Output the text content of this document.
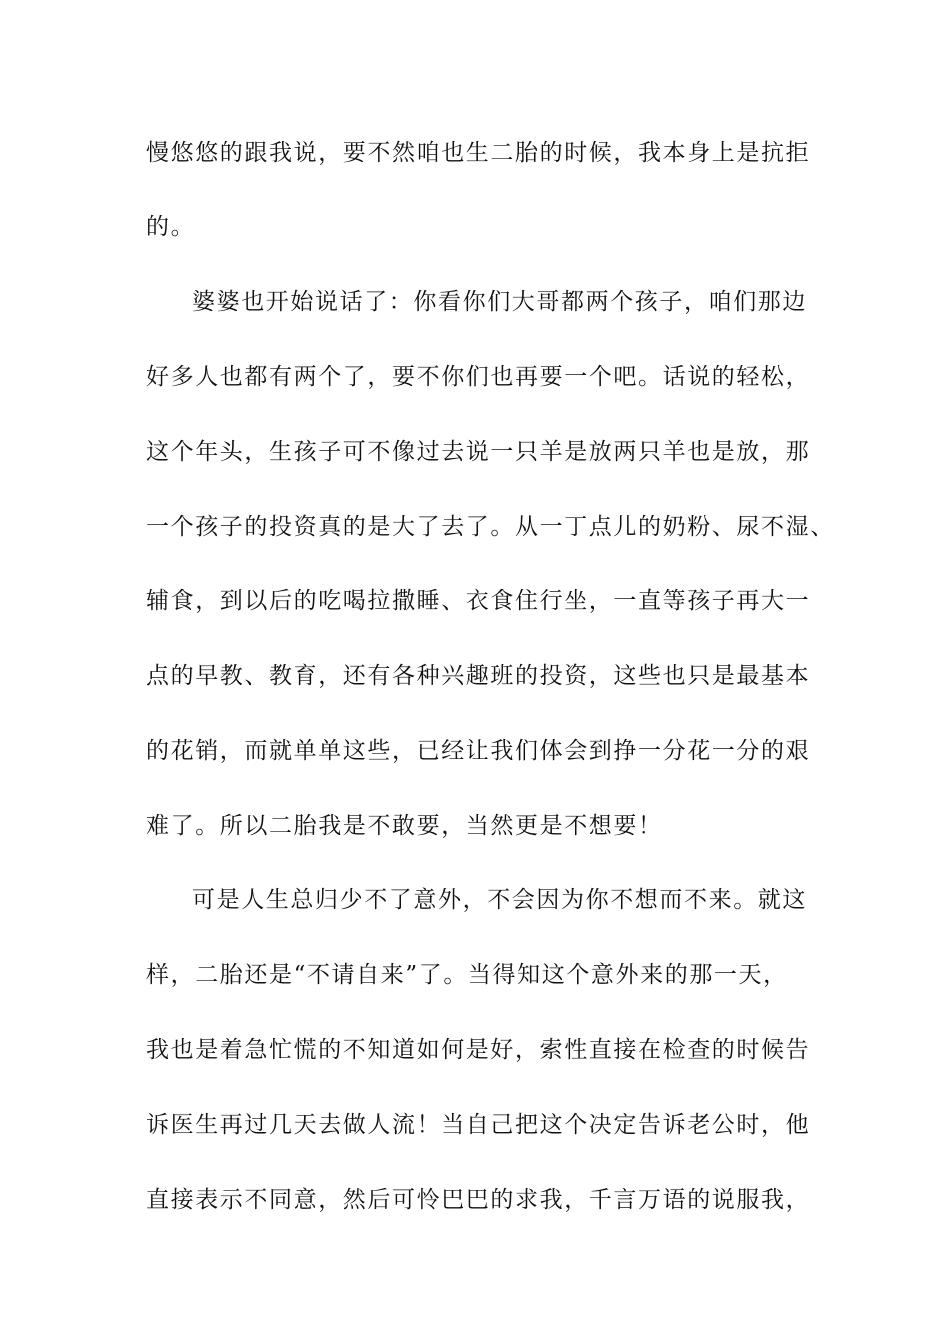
慢悠悠的跟我说，要不然咱也生二胎的时候，我本身上是抗拒
的。
婆婆也开始说话了：你看你们大哥都两个孩子，咱们那边
好多人也都有两个了，要不你们也再要一个吧。话说的轻松，
这个年头，生孩子可不像过去说一只羊是放两只羊也是放，那
一个孩子的投资真的是大了去了。从一丁点儿的奶粉、尿不湿、
辅食，到以后的吃喝拉撒睡、衣食住行坐，一直等孩子再大一
点的早教、教育，还有各种兴趣班的投资，这些也只是最基本
的花销，而就单单这些，已经让我们体会到挣一分花一分的艰
难了。所以二胎我是不敢要，当然更是不想要！
可是人生总归少不了意外，不会因为你不想而不来。就这
样，二胎还是“不请自来”了。当得知这个意外来的那一天，
我也是着急忙慌的不知道如何是好，索性直接在检查的时候告
诉医生再过几天去做人流！当自己把这个决定告诉老公时，他
直接表示不同意，然后可怜巴巴的求我，千言万语的说服我，
